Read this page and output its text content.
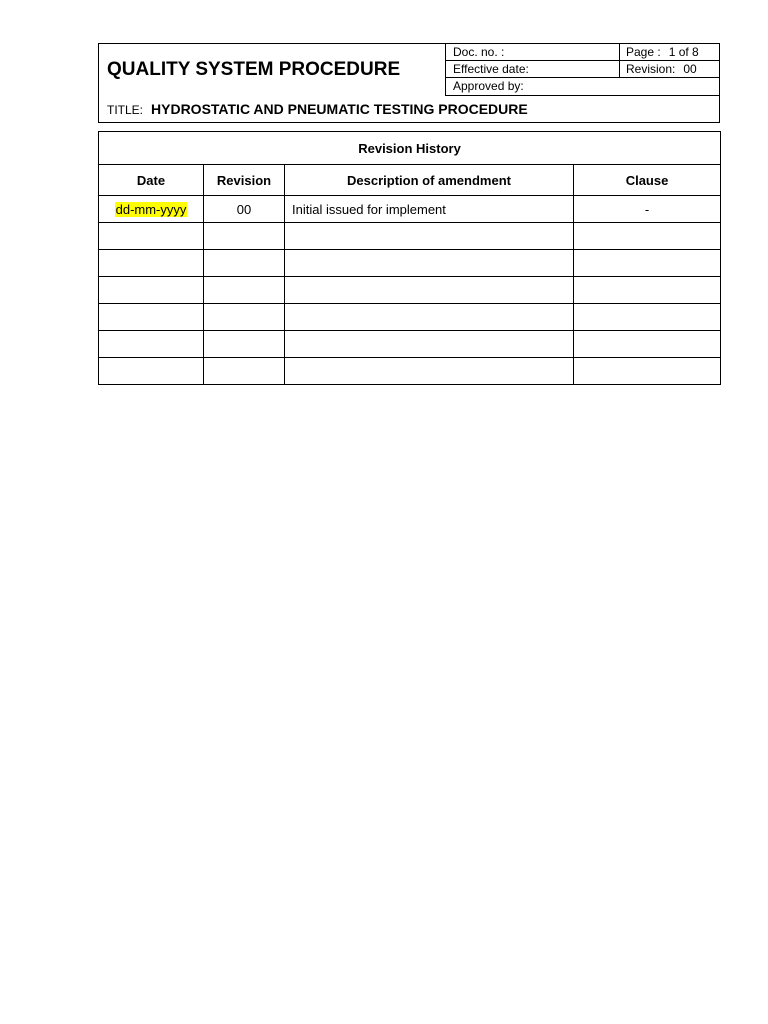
QUALITY SYSTEM PROCEDURE
Doc. no. :	Page : 1 of 8
Effective date:	Revision: 00
Approved by:
TITLE: HYDROSTATIC AND PNEUMATIC TESTING PROCEDURE
Revision History			
Date	Revision	Description of amendment	Clause
dd-mm-yyyy	00	Initial issued for implement	-
